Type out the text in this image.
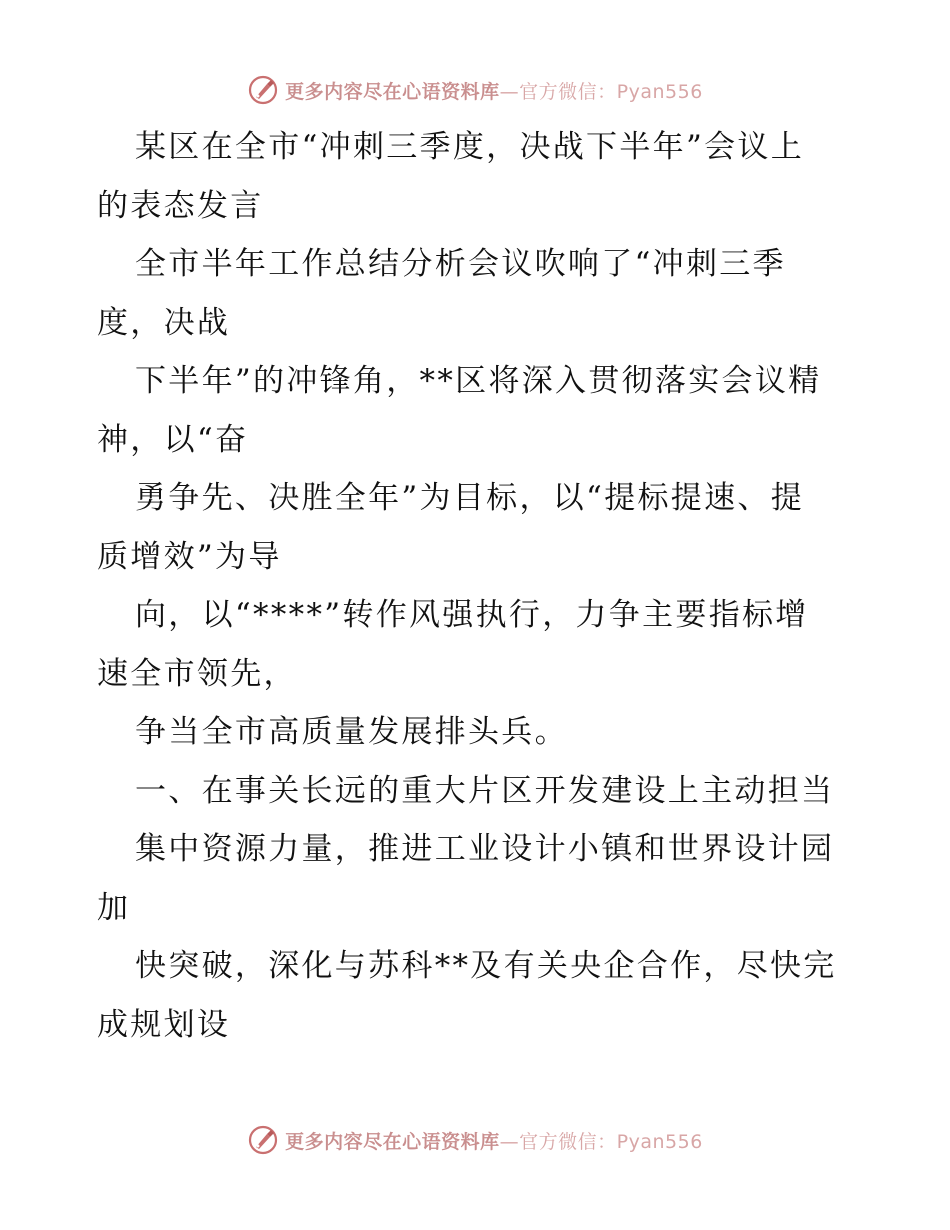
更多内容尽在心语资料库—官方微信：Pyan556

某区在全市“冲刺三季度，决战下半年”会议上
的表态发言

全市半年工作总结分析会议吹响了“冲刺三季
度，决战

下半年”的冲锋角，**区将深入贯彻落实会议精
神，以“奋

勇争先、决胜全年”为目标，以“提标提速、提
质增效”为导

向，以“****”转作风强执行，力争主要指标增
速全市领先，

争当全市高质量发展排头兵。

一、在事关长远的重大片区开发建设上主动担当

集中资源力量，推进工业设计小镇和世界设计园
加

快突破，深化与苏科**及有关央企合作，尽快完
成规划设

更多内容尽在心语资料库—官方微信：Pyan556
